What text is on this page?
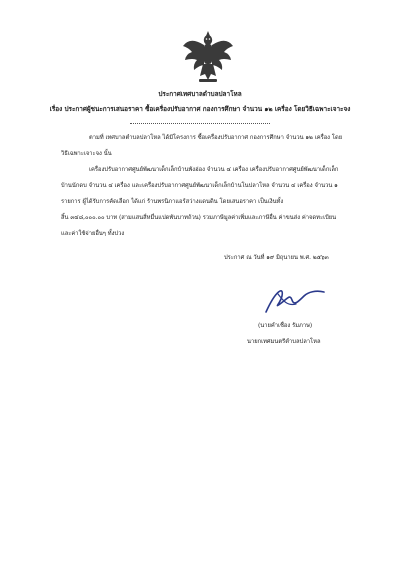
ประกาศเทศบาลตำบลปลาโหล
เรื่อง ประกาศผู้ชนะการเสนอราคา ซื้อเครื่องปรับอากาศ กองการศึกษา จำนวน ๑๒ เครื่อง โดยวิธีเฉพาะเจาะจง
ตามที่ เทศบาลตำบลปลาโหล ได้มีโครงการ ซื้อเครื่องปรับอากาศ กองการศึกษา จำนวน ๑๒ เครื่อง โดย
วิธีเฉพาะเจาะจง นั้น
เครื่องปรับอากาศศูนย์พัฒนาเด็กเล็กบ้านพังฮ่อง จำนวน ๔ เครื่อง เครื่องปรับอากาศศูนย์พัฒนาเด็กเล็ก
บ้านนักดบ จำนวน ๔ เครื่อง และเครื่องปรับอากาศศูนย์พัฒนาเด็กเล็กบ้านโนปลาโหล จำนวน ๔ เครื่อง จำนวน ๑
รายการ ผู้ได้รับการคัดเลือก ได้แก่ ร้านพรนิภาแอร์สว่างแดนดิน โดยเสนอราคา เป็นเงินทั้ง
สิ้น ๓๔๘,๐๐๐.๐๐ บาท (สามแสนสี่หมื่นแปดพันบาทถ้วน) รวมภาษีมูลค่าเพิ่มและภาษีอื่น ค่าขนส่ง ค่าจดทะเบียน
และค่าใช้จ่ายอื่นๆ ทั้งปวง
ประกาศ ณ วันที่ ๑๙ มิถุนายน พ.ศ. ๒๕๖๓
(นายคำเชื่อง รัมภาษ)
นายกเทศมนตรีตำบลปลาโหล
